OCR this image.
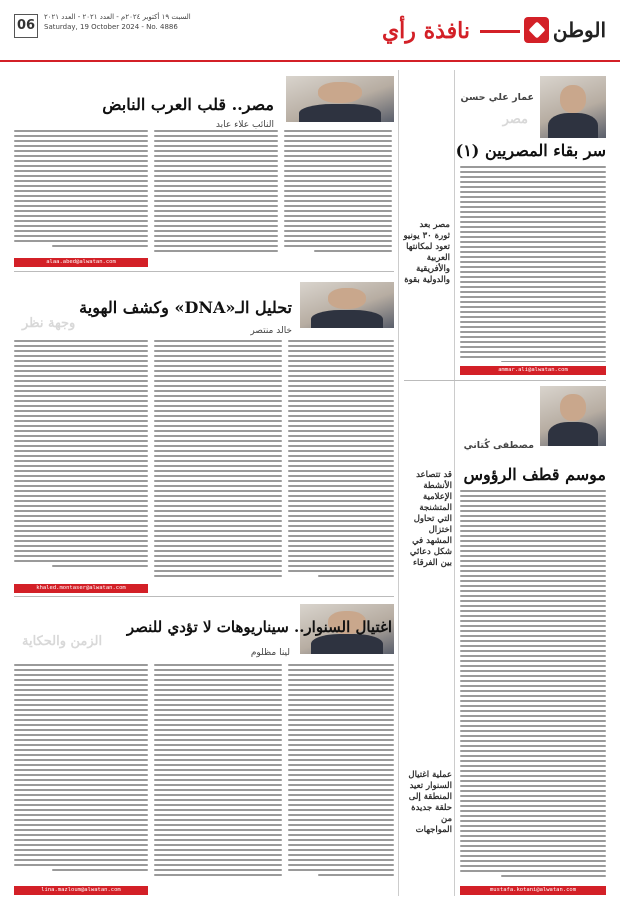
الوطن
نافذة رأي
06
السبت ١٩ أكتوبر ٢٠٢٤م - العدد ٢٠٢١ - العدد ٢٠٢١
Saturday, 19 October 2024 - No. 4886
عمار علي حسن
مصر
سر بقاء المصريين (١)
مصر بعد ثورة ٣٠ يونيو تعود لمكانتها العربية والأفريقية والدولية بقوة
ammar.ali@alwatan.com
مصطفى كُتاني
موسم قطف الرؤوس
قد تتصاعد الأنشطة الإعلامية المتشنجة التي تحاول اختزال المشهد في شكل دعائي بين الفرقاء
mustafa.kotani@alwatan.com
مصر.. قلب العرب النابض
النائب علاء عابد
alaa.abed@alwatan.com
تحليل الـ«DNA» وكشف الهوية
خالد منتصر
وجهة نظر
khaled.montaser@alwatan.com
اغتيال السنوار.. سيناريوهات لا تؤدي للنصر
لينا مظلوم
الزمن والحكاية
عملية اغتيال السنوار تعيد المنطقة إلى حلقة جديدة من المواجهات
lina.mazloum@alwatan.com
